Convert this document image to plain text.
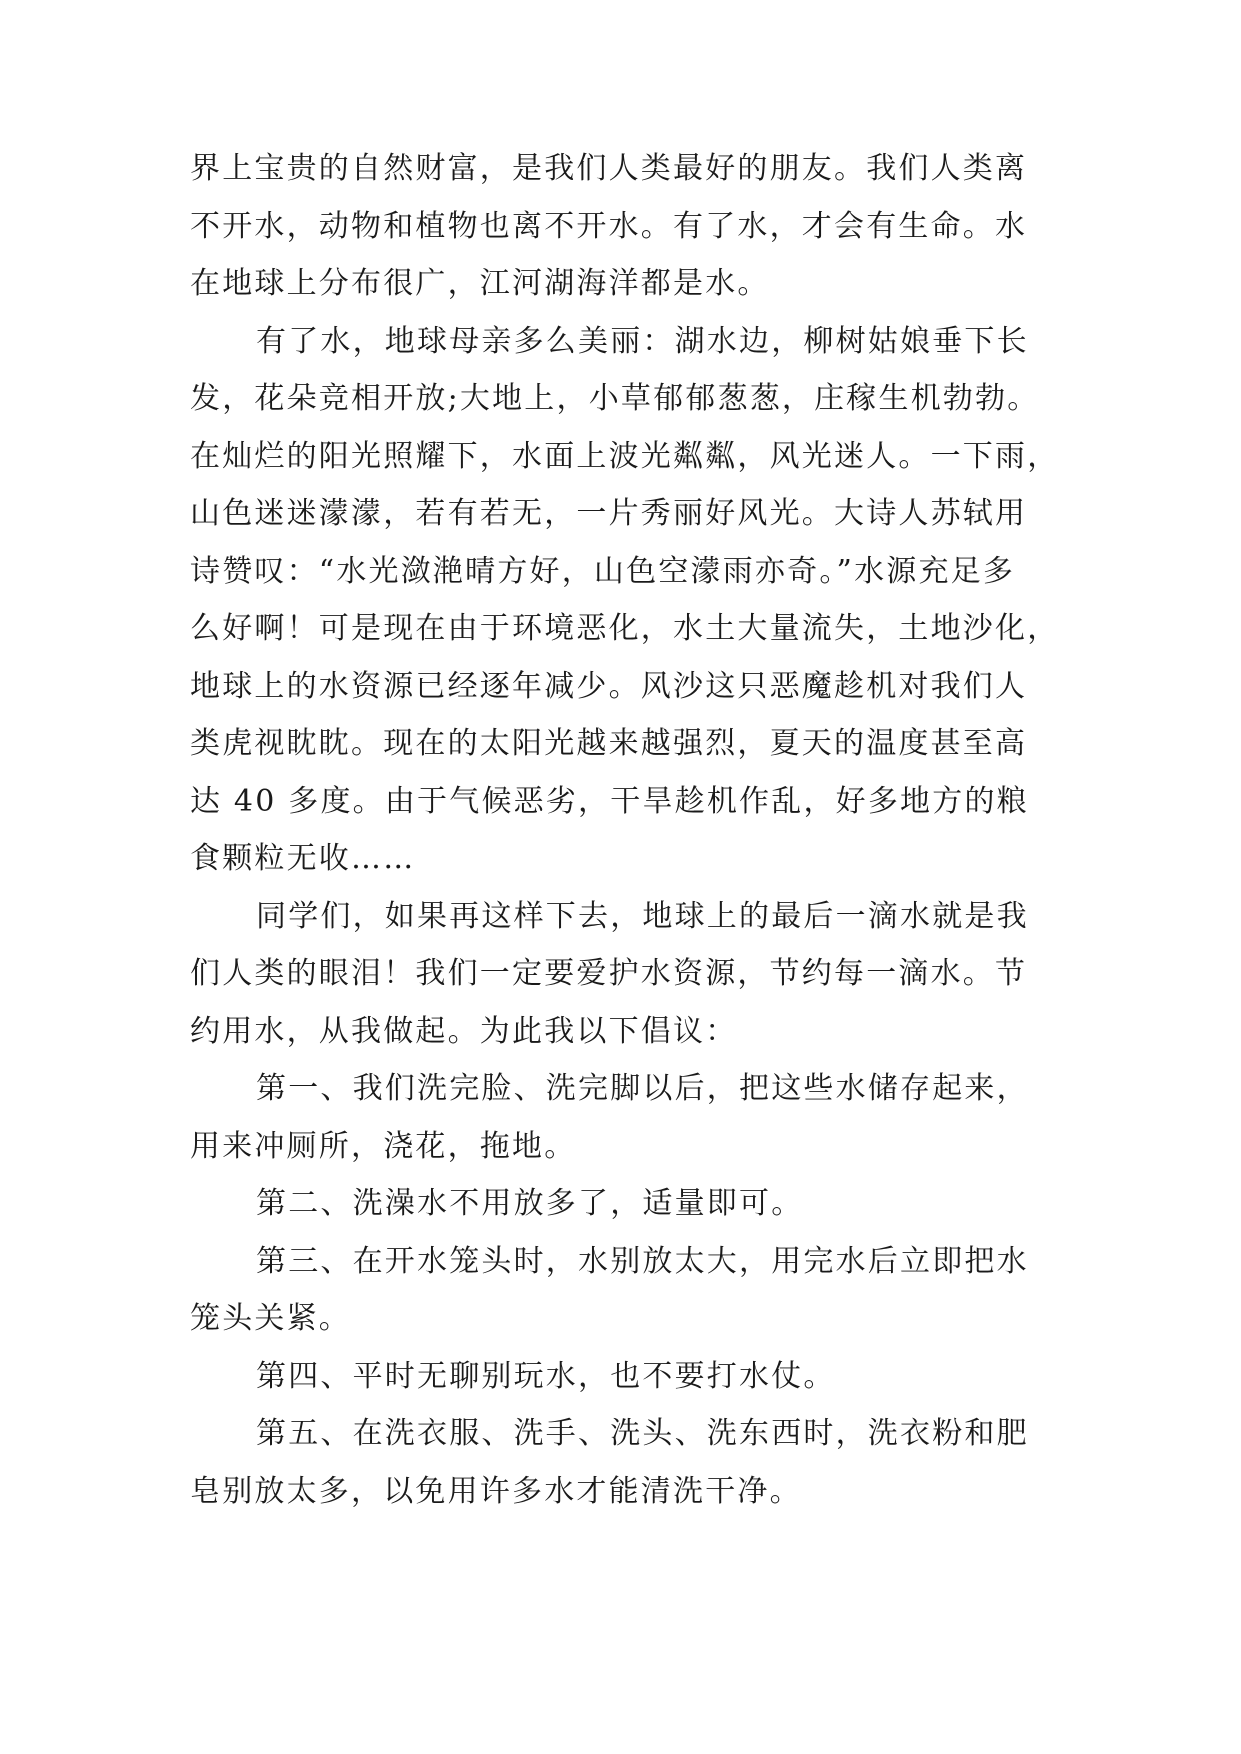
界上宝贵的自然财富，是我们人类最好的朋友。我们人类离
不开水，动物和植物也离不开水。有了水，才会有生命。水
在地球上分布很广，江河湖海洋都是水。

有了水，地球母亲多么美丽：湖水边，柳树姑娘垂下长
发，花朵竞相开放;大地上，小草郁郁葱葱，庄稼生机勃勃。
在灿烂的阳光照耀下，水面上波光粼粼，风光迷人。一下雨，
山色迷迷濛濛，若有若无，一片秀丽好风光。大诗人苏轼用
诗赞叹：“水光潋滟晴方好，山色空濛雨亦奇。”水源充足多
么好啊！可是现在由于环境恶化，水土大量流失，土地沙化，
地球上的水资源已经逐年减少。风沙这只恶魔趁机对我们人
类虎视眈眈。现在的太阳光越来越强烈，夏天的温度甚至高
达 40 多度。由于气候恶劣，干旱趁机作乱，好多地方的粮
食颗粒无收……

同学们，如果再这样下去，地球上的最后一滴水就是我
们人类的眼泪！我们一定要爱护水资源，节约每一滴水。节
约用水，从我做起。为此我以下倡议：

第一、我们洗完脸、洗完脚以后，把这些水储存起来，
用来冲厕所，浇花，拖地。

第二、洗澡水不用放多了，适量即可。

第三、在开水笼头时，水别放太大，用完水后立即把水
笼头关紧。

第四、平时无聊别玩水，也不要打水仗。

第五、在洗衣服、洗手、洗头、洗东西时，洗衣粉和肥
皂别放太多，以免用许多水才能清洗干净。
